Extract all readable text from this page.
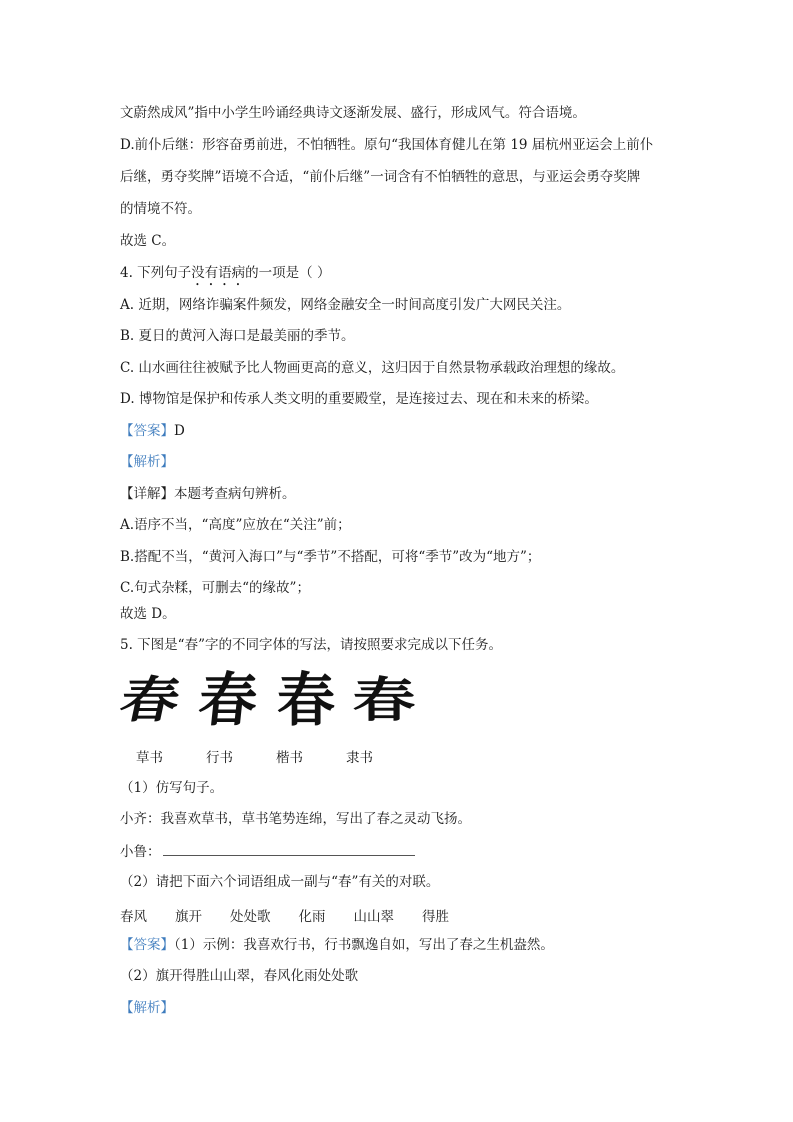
文蔚然成风”指中小学生吟诵经典诗文逐渐发展、盛行，形成风气。符合语境。
D.前仆后继：形容奋勇前进，不怕牺牲。原句“我国体育健儿在第 19 届杭州亚运会上前仆
后继，勇夺奖牌”语境不合适，“前仆后继”一词含有不怕牺牲的意思，与亚运会勇夺奖牌
的情境不符。
故选 C。
4. 下列句子没有语病的一项是（ ）
A. 近期，网络诈骗案件频发，网络金融安全一时间高度引发广大网民关注。
B. 夏日的黄河入海口是最美丽的季节。
C. 山水画往往被赋予比人物画更高的意义，这归因于自然景物承载政治理想的缘故。
D. 博物馆是保护和传承人类文明的重要殿堂，是连接过去、现在和未来的桥梁。
【答案】D
【解析】
【详解】本题考查病句辨析。
A.语序不当，“高度”应放在“关注”前；
B.搭配不当，“黄河入海口”与“季节”不搭配，可将“季节”改为“地方”；
C.句式杂糅，可删去“的缘故”；
故选 D。
5. 下图是“春”字的不同字体的写法，请按照要求完成以下任务。
春 春 春 春
草书	行书	楷书	隶书
（1）仿写句子。
小齐：我喜欢草书，草书笔势连绵，写出了春之灵动飞扬。
小鲁：
（2）请把下面六个词语组成一副与“春”有关的对联。
春风 旗开 处处歌 化雨 山山翠 得胜
【答案】（1）示例：我喜欢行书，行书飘逸自如，写出了春之生机盎然。
（2）旗开得胜山山翠，春风化雨处处歌
【解析】
